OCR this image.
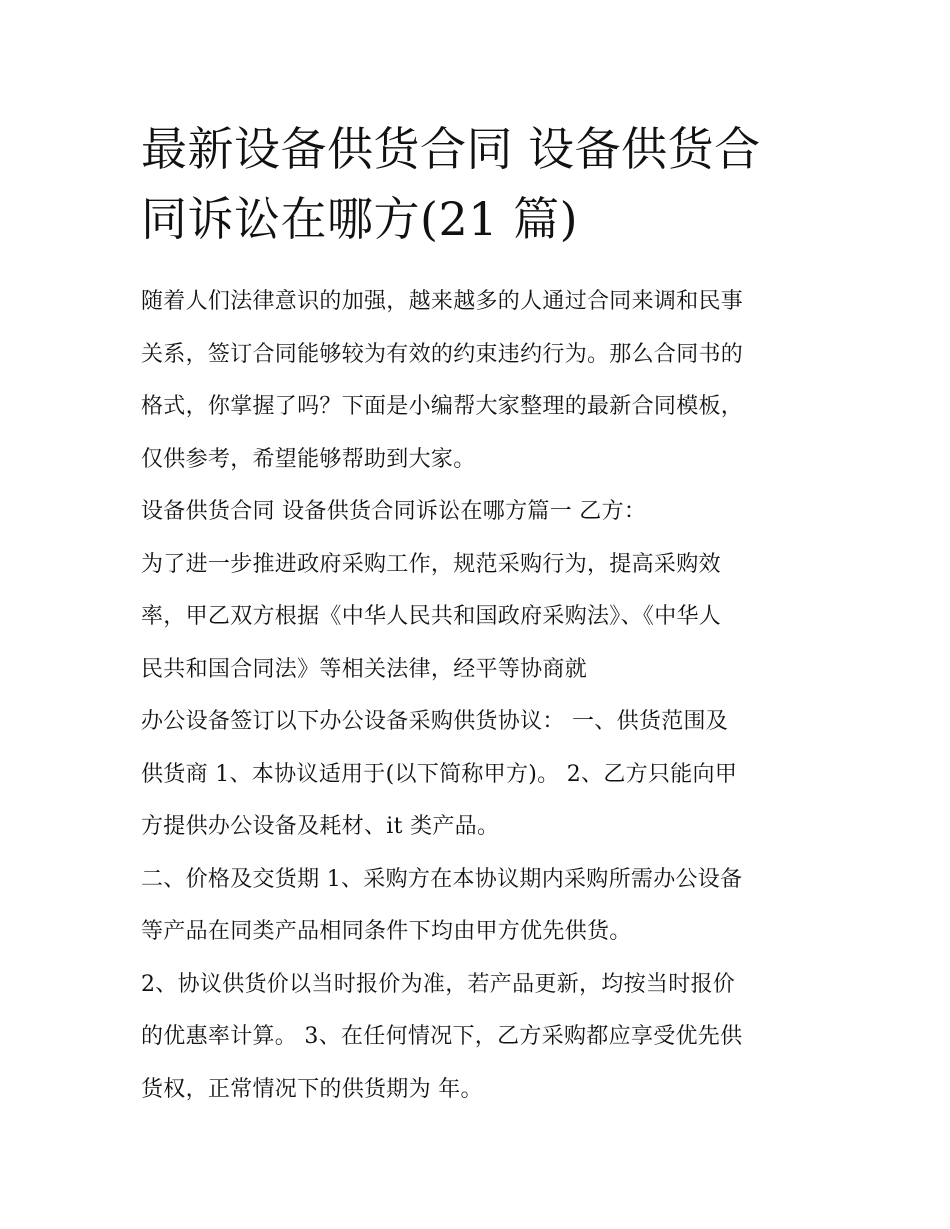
最新设备供货合同 设备供货合
同诉讼在哪方(21 篇)

随着人们法律意识的加强，越来越多的人通过合同来调和民事
关系，签订合同能够较为有效的约束违约行为。那么合同书的
格式，你掌握了吗？下面是小编帮大家整理的最新合同模板，
仅供参考，希望能够帮助到大家。

设备供货合同 设备供货合同诉讼在哪方篇一 乙方：

为了进一步推进政府采购工作，规范采购行为，提高采购效
率，甲乙双方根据《中华人民共和国政府采购法》、《中华人
民共和国合同法》等相关法律，经平等协商就

办公设备签订以下办公设备采购供货协议： 一、供货范围及
供货商 1、本协议适用于(以下简称甲方)。 2、乙方只能向甲
方提供办公设备及耗材、it 类产品。

二、价格及交货期 1、采购方在本协议期内采购所需办公设备
等产品在同类产品相同条件下均由甲方优先供货。

2、协议供货价以当时报价为准，若产品更新，均按当时报价
的优惠率计算。 3、在任何情况下，乙方采购都应享受优先供
货权，正常情况下的供货期为 年。
